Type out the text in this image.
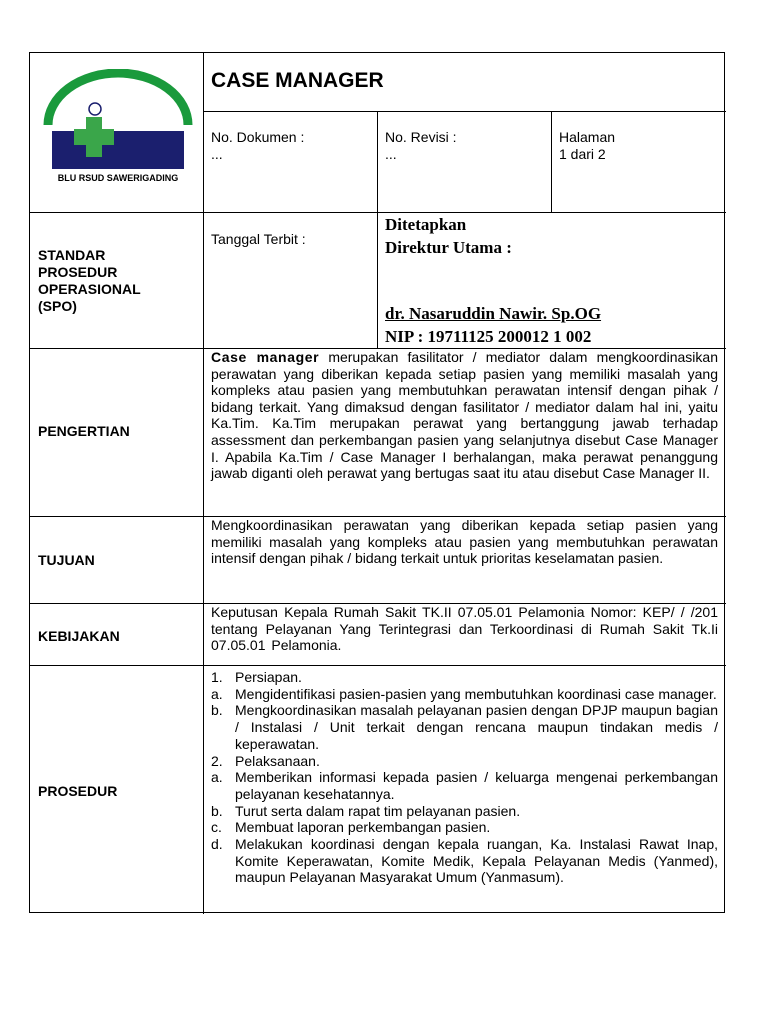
BLU RSUD SAWERIGADING
CASE MANAGER
No. Dokumen :
...
No. Revisi :
...
Halaman
1 dari 2
STANDAR PROSEDUR OPERASIONAL (SPO)
Tanggal Terbit :
Ditetapkan
Direktur Utama :
dr. Nasaruddin Nawir. Sp.OG
NIP : 19711125 200012 1 002
PENGERTIAN
Case manager merupakan fasilitator / mediator dalam mengkoordinasikan perawatan yang diberikan kepada setiap pasien yang memiliki masalah yang kompleks atau pasien yang membutuhkan perawatan intensif dengan pihak / bidang terkait. Yang dimaksud dengan fasilitator / mediator dalam hal ini, yaitu Ka.Tim. Ka.Tim merupakan perawat yang bertanggung jawab terhadap assessment dan perkembangan pasien yang selanjutnya disebut Case Manager I. Apabila Ka.Tim / Case Manager I berhalangan, maka perawat penanggung jawab diganti oleh perawat yang bertugas saat itu atau disebut Case Manager II.
TUJUAN
Mengkoordinasikan perawatan yang diberikan kepada setiap pasien yang memiliki masalah yang kompleks atau pasien yang membutuhkan perawatan intensif dengan pihak / bidang terkait untuk prioritas keselamatan pasien.
KEBIJAKAN
Keputusan Kepala Rumah Sakit TK.II 07.05.01 Pelamonia Nomor: KEP/ / /201 tentang Pelayanan Yang Terintegrasi dan Terkoordinasi di Rumah Sakit Tk.Ii 07.05.01 Pelamonia.
PROSEDUR
1. Persiapan.
a. Mengidentifikasi pasien-pasien yang membutuhkan koordinasi case manager.
b. Mengkoordinasikan masalah pelayanan pasien dengan DPJP maupun bagian / Instalasi / Unit terkait dengan rencana maupun tindakan medis / keperawatan.
2. Pelaksanaan.
a. Memberikan informasi kepada pasien / keluarga mengenai perkembangan pelayanan kesehatannya.
b. Turut serta dalam rapat tim pelayanan pasien.
c. Membuat laporan perkembangan pasien.
d. Melakukan koordinasi dengan kepala ruangan, Ka. Instalasi Rawat Inap, Komite Keperawatan, Komite Medik, Kepala Pelayanan Medis (Yanmed), maupun Pelayanan Masyarakat Umum (Yanmasum).
